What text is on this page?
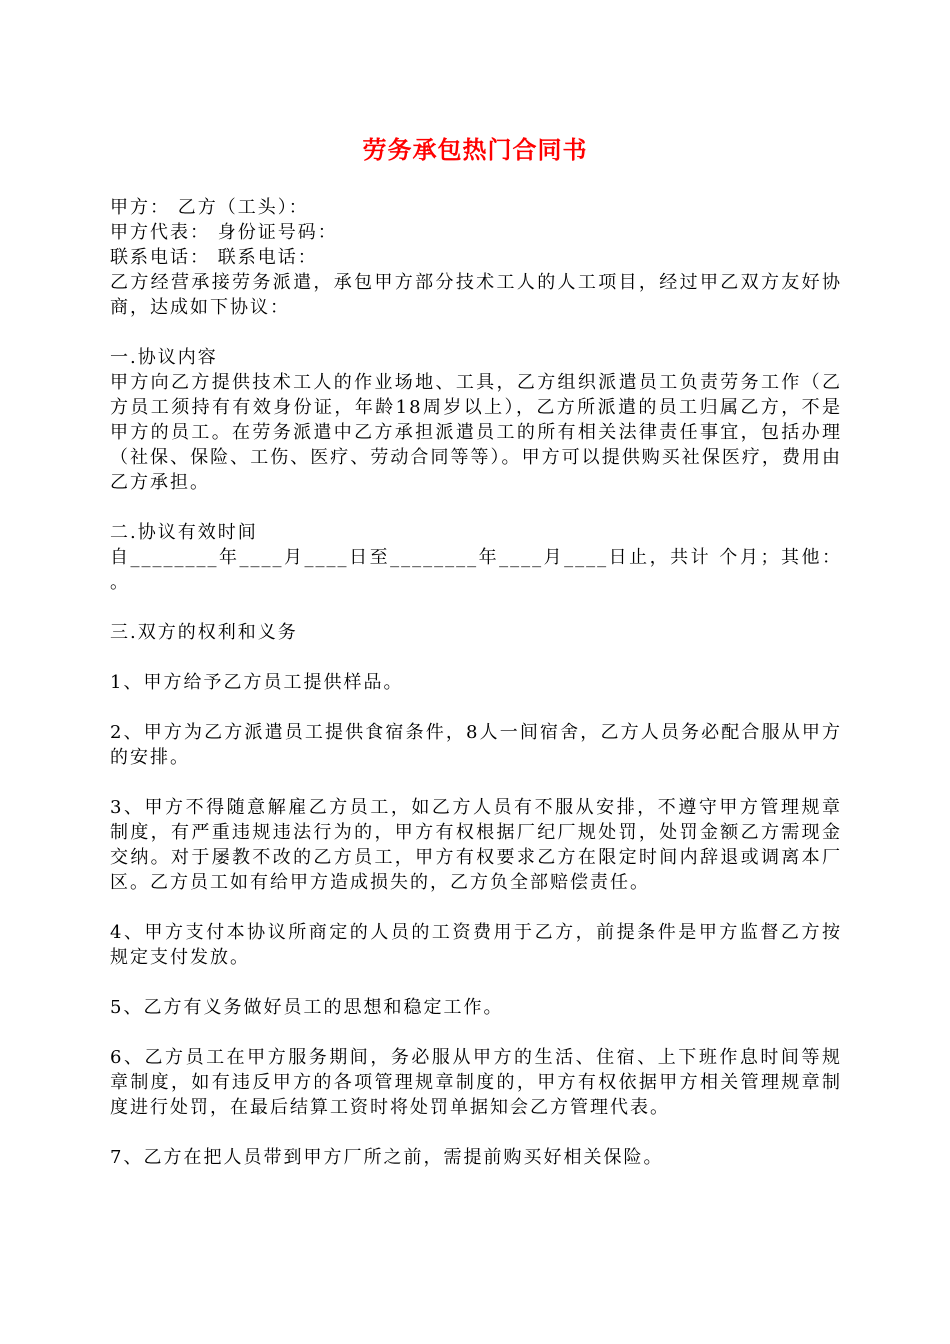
劳务承包热门合同书

甲方： 乙方（工头）：

甲方代表： 身份证号码：

联系电话： 联系电话：

乙方经营承接劳务派遣，承包甲方部分技术工人的人工项目，经过甲乙双方友好协商，达成如下协议：

一.协议内容

甲方向乙方提供技术工人的作业场地、工具，乙方组织派遣员工负责劳务工作（乙方员工须持有有效身份证，年龄18周岁以上），乙方所派遣的员工归属乙方，不是甲方的员工。在劳务派遣中乙方承担派遣员工的所有相关法律责任事宜，包括办理（社保、保险、工伤、医疗、劳动合同等等）。甲方可以提供购买社保医疗，费用由乙方承担。

二.协议有效时间

自________年____月____日至________年____月____日止，共计 个月；其他： 。

三.双方的权利和义务

1、甲方给予乙方员工提供样品。

2、甲方为乙方派遣员工提供食宿条件，8人一间宿舍，乙方人员务必配合服从甲方的安排。

3、甲方不得随意解雇乙方员工，如乙方人员有不服从安排，不遵守甲方管理规章制度，有严重违规违法行为的，甲方有权根据厂纪厂规处罚，处罚金额乙方需现金交纳。对于屡教不改的乙方员工，甲方有权要求乙方在限定时间内辞退或调离本厂区。乙方员工如有给甲方造成损失的，乙方负全部赔偿责任。

4、甲方支付本协议所商定的人员的工资费用于乙方，前提条件是甲方监督乙方按规定支付发放。

5、乙方有义务做好员工的思想和稳定工作。

6、乙方员工在甲方服务期间，务必服从甲方的生活、住宿、上下班作息时间等规章制度，如有违反甲方的各项管理规章制度的，甲方有权依据甲方相关管理规章制度进行处罚，在最后结算工资时将处罚单据知会乙方管理代表。

7、乙方在把人员带到甲方厂所之前，需提前购买好相关保险。
